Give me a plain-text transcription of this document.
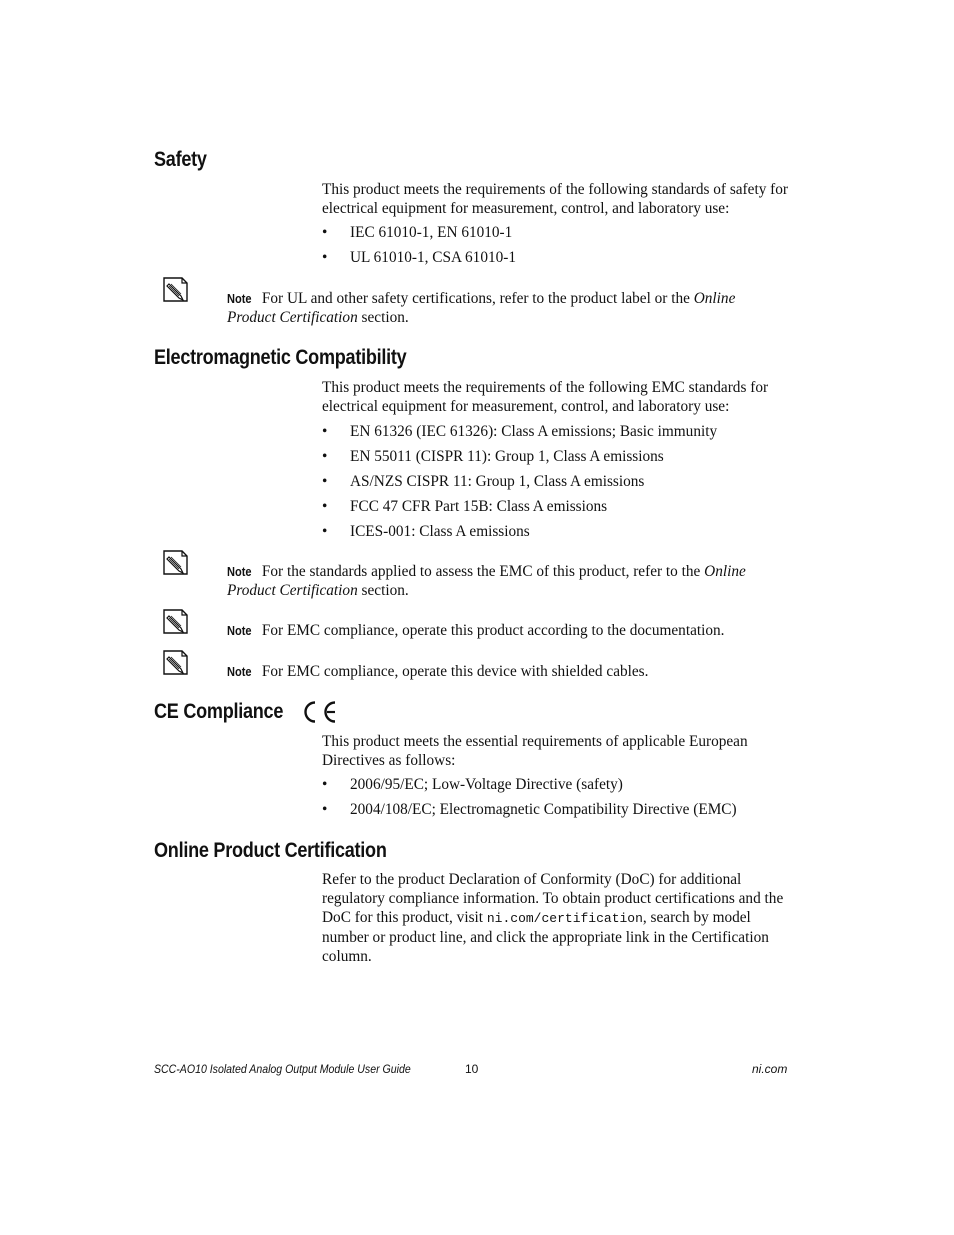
Safety

This product meets the requirements of the following standards of safety for electrical equipment for measurement, control, and laboratory use:

• IEC 61010-1, EN 61010-1
• UL 61010-1, CSA 61010-1
Note For UL and other safety certifications, refer to the product label or the Online Product Certification section.
Electromagnetic Compatibility

This product meets the requirements of the following EMC standards for electrical equipment for measurement, control, and laboratory use:

• EN 61326 (IEC 61326): Class A emissions; Basic immunity
• EN 55011 (CISPR 11): Group 1, Class A emissions
• AS/NZS CISPR 11: Group 1, Class A emissions
• FCC 47 CFR Part 15B: Class A emissions
• ICES-001: Class A emissions
Note For the standards applied to assess the EMC of this product, refer to the Online Product Certification section.
Note For EMC compliance, operate this product according to the documentation.
Note For EMC compliance, operate this device with shielded cables.
CE Compliance

This product meets the essential requirements of applicable European Directives as follows:

• 2006/95/EC; Low-Voltage Directive (safety)
• 2004/108/EC; Electromagnetic Compatibility Directive (EMC)
Online Product Certification

Refer to the product Declaration of Conformity (DoC) for additional regulatory compliance information. To obtain product certifications and the DoC for this product, visit ni.com/certification, search by model number or product line, and click the appropriate link in the Certification column.

SCC-AO10 Isolated Analog Output Module User Guide	10	ni.com
